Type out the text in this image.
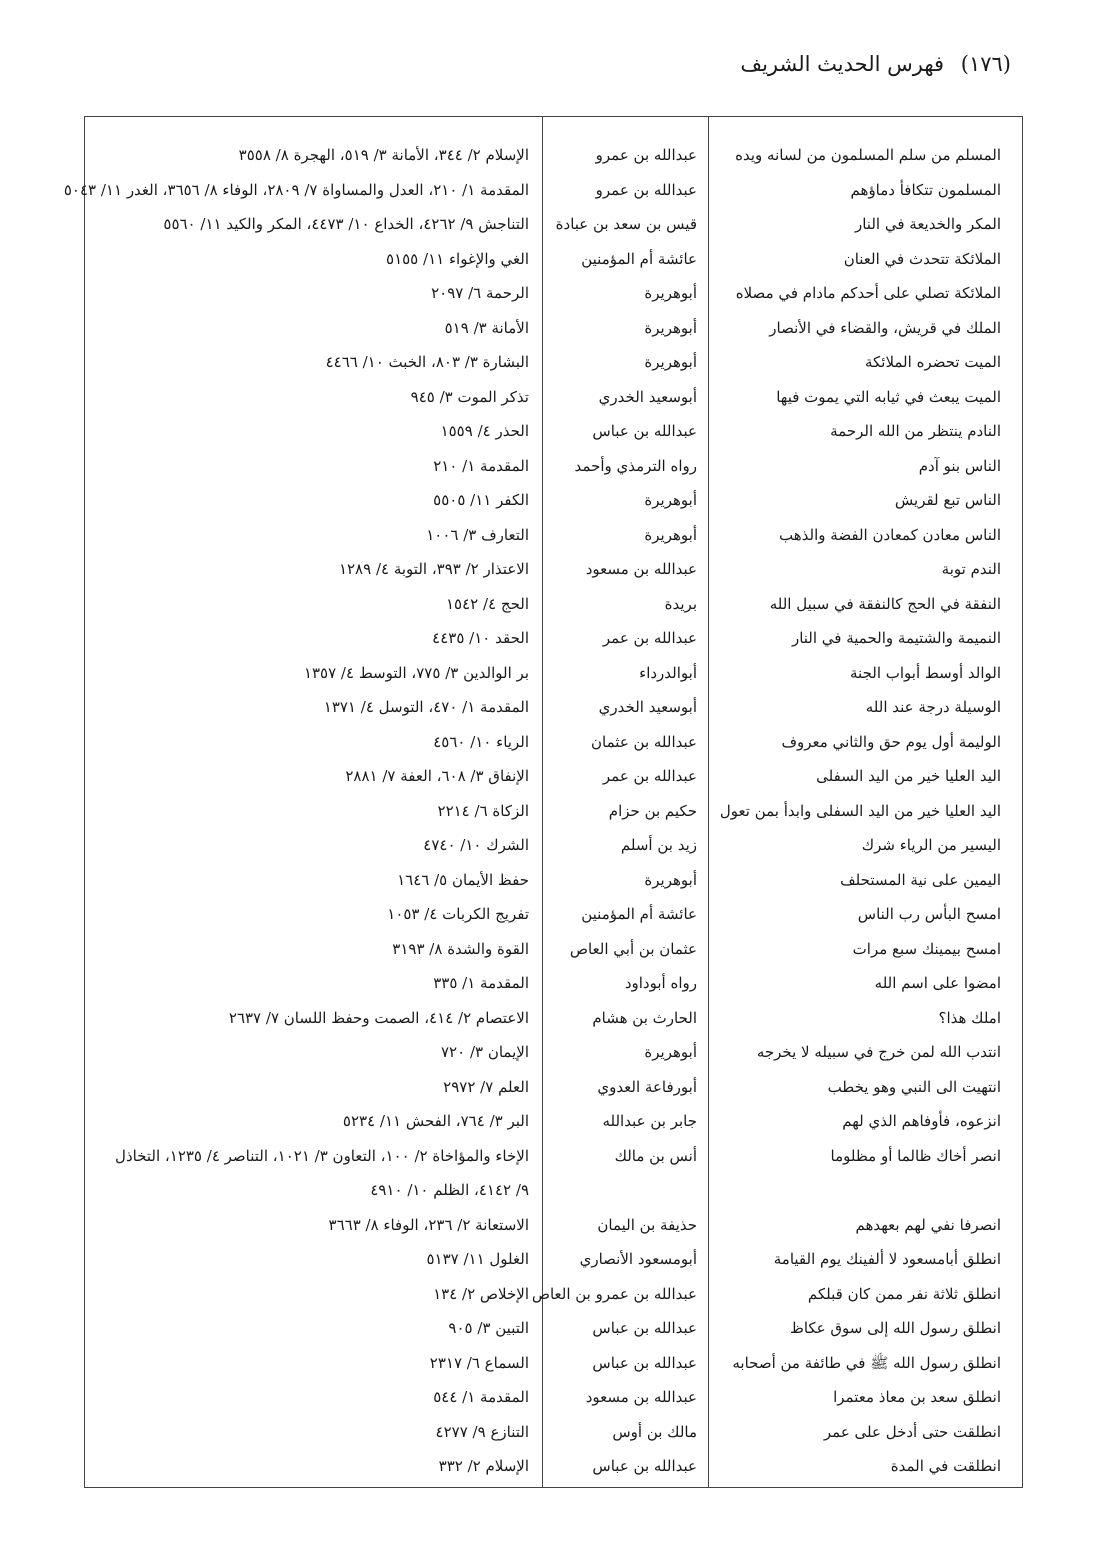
(١٧٦) فهرس الحديث الشريف
المسلم من سلم المسلمون من لسانه ويده
عبدالله بن عمرو
الإسلام ٢/ ٣٤٤، الأمانة ٣/ ٥١٩، الهجرة ٨/ ٣٥٥٨
المسلمون تتكافأ دماؤهم
عبدالله بن عمرو
المقدمة ١/ ٢١٠، العدل والمساواة ٧/ ٢٨٠٩، الوفاء ٨/ ٣٦٥٦، الغدر ١١/ ٥٠٤٣
المكر والخديعة في النار
قيس بن سعد بن عبادة
التناجش ٩/ ٤٢٦٢، الخداع ١٠/ ٤٤٧٣، المكر والكيد ١١/ ٥٥٦٠
الملائكة تتحدث في العنان
عائشة أم المؤمنين
الغي والإغواء ١١/ ٥١٥٥
الملائكة تصلي على أحدكم مادام في مصلاه
أبوهريرة
الرحمة ٦/ ٢٠٩٧
الملك في قريش، والقضاء في الأنصار
أبوهريرة
الأمانة ٣/ ٥١٩
الميت تحضره الملائكة
أبوهريرة
البشارة ٣/ ٨٠٣، الخبث ١٠/ ٤٤٦٦
الميت يبعث في ثيابه التي يموت فيها
أبوسعيد الخدري
تذكر الموت ٣/ ٩٤٥
النادم ينتظر من الله الرحمة
عبدالله بن عباس
الحذر ٤/ ١٥٥٩
الناس بنو آدم
رواه الترمذي وأحمد
المقدمة ١/ ٢١٠
الناس تبع لقريش
أبوهريرة
الكفر ١١/ ٥٥٠٥
الناس معادن كمعادن الفضة والذهب
أبوهريرة
التعارف ٣/ ١٠٠٦
الندم توبة
عبدالله بن مسعود
الاعتذار ٢/ ٣٩٣، التوبة ٤/ ١٢٨٩
النفقة في الحج كالنفقة في سبيل الله
بريدة
الحج ٤/ ١٥٤٢
النميمة والشتيمة والحمية في النار
عبدالله بن عمر
الحقد ١٠/ ٤٤٣٥
الوالد أوسط أبواب الجنة
أبوالدرداء
بر الوالدين ٣/ ٧٧٥، التوسط ٤/ ١٣٥٧
الوسيلة درجة عند الله
أبوسعيد الخدري
المقدمة ١/ ٤٧٠، التوسل ٤/ ١٣٧١
الوليمة أول يوم حق والثاني معروف
عبدالله بن عثمان
الرياء ١٠/ ٤٥٦٠
اليد العليا خير من اليد السفلى
عبدالله بن عمر
الإنفاق ٣/ ٦٠٨، العفة ٧/ ٢٨٨١
اليد العليا خير من اليد السفلى وابدأ بمن تعول
حكيم بن حزام
الزكاة ٦/ ٢٢١٤
اليسير من الرياء شرك
زيد بن أسلم
الشرك ١٠/ ٤٧٤٠
اليمين على نية المستحلف
أبوهريرة
حفظ الأيمان ٥/ ١٦٤٦
امسح البأس رب الناس
عائشة أم المؤمنين
تفريج الكربات ٤/ ١٠٥٣
امسح بيمينك سبع مرات
عثمان بن أبي العاص
القوة والشدة ٨/ ٣١٩٣
امضوا على اسم الله
رواه أبوداود
المقدمة ١/ ٣٣٥
املك هذا؟
الحارث بن هشام
الاعتصام ٢/ ٤١٤، الصمت وحفظ اللسان ٧/ ٢٦٣٧
انتدب الله لمن خرج في سبيله لا يخرجه
أبوهريرة
الإيمان ٣/ ٧٢٠
انتهيت الى النبي وهو يخطب
أبورفاعة العدوي
العلم ٧/ ٢٩٧٢
انزعوه، فأوفاهم الذي لهم
جابر بن عبدالله
البر ٣/ ٧٦٤، الفحش ١١/ ٥٢٣٤
انصر أخاك ظالما أو مظلوما
أنس بن مالك
الإخاء والمؤاخاة ٢/ ١٠٠، التعاون ٣/ ١٠٢١، التناصر ٤/ ١٢٣٥، التخاذل
٩/ ٤١٤٢، الظلم ١٠/ ٤٩١٠
انصرفا نفي لهم بعهدهم
حذيفة بن اليمان
الاستعانة ٢/ ٢٣٦، الوفاء ٨/ ٣٦٦٣
انطلق أبامسعود لا ألفينك يوم القيامة
أبومسعود الأنصاري
الغلول ١١/ ٥١٣٧
انطلق ثلاثة نفر ممن كان قبلكم
عبدالله بن عمرو بن العاص
الإخلاص ٢/ ١٣٤
انطلق رسول الله إلى سوق عكاظ
عبدالله بن عباس
التبين ٣/ ٩٠٥
انطلق رسول الله ﷺ في طائفة من أصحابه
عبدالله بن عباس
السماع ٦/ ٢٣١٧
انطلق سعد بن معاذ معتمرا
عبدالله بن مسعود
المقدمة ١/ ٥٤٤
انطلقت حتى أدخل على عمر
مالك بن أوس
التنازع ٩/ ٤٢٧٧
انطلقت في المدة
عبدالله بن عباس
الإسلام ٢/ ٣٣٢
